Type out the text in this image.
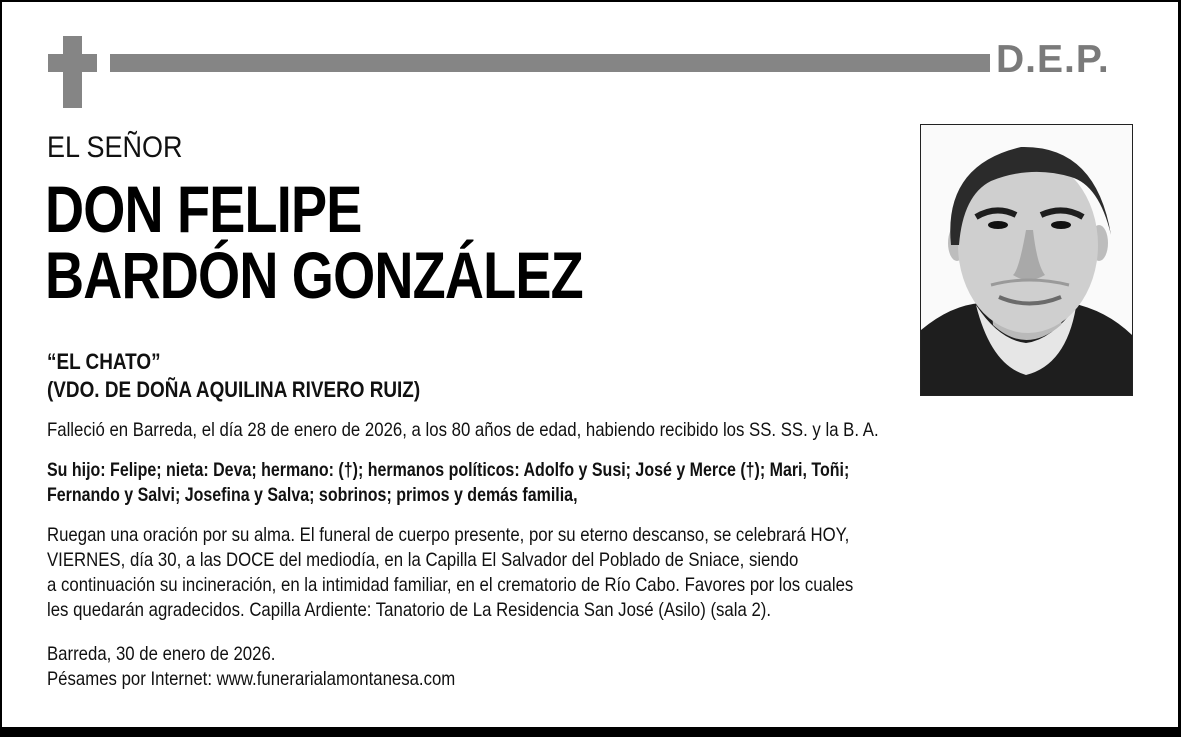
D.E.P.
EL SEÑOR
DON FELIPE
BARDÓN GONZÁLEZ
“EL CHATO”
(VDO. DE DOÑA AQUILINA RIVERO RUIZ)
Falleció en Barreda, el día 28 de enero de 2026, a los 80 años de edad, habiendo recibido los SS. SS. y la B. A.
Su hijo: Felipe; nieta: Deva; hermano: (†); hermanos políticos: Adolfo y Susi; José y Merce (†); Mari, Toñi;
Fernando y Salvi; Josefina y Salva; sobrinos; primos y demás familia,
Ruegan una oración por su alma. El funeral de cuerpo presente, por su eterno descanso, se celebrará HOY,
VIERNES, día 30, a las DOCE del mediodía, en la Capilla El Salvador del Poblado de Sniace, siendo
a continuación su incineración, en la intimidad familiar, en el crematorio de Río Cabo. Favores por los cuales
les quedarán agradecidos. Capilla Ardiente: Tanatorio de La Residencia San José (Asilo) (sala 2).
Barreda, 30 de enero de 2026.
Pésames por Internet: www.funerarialamontanesa.com
